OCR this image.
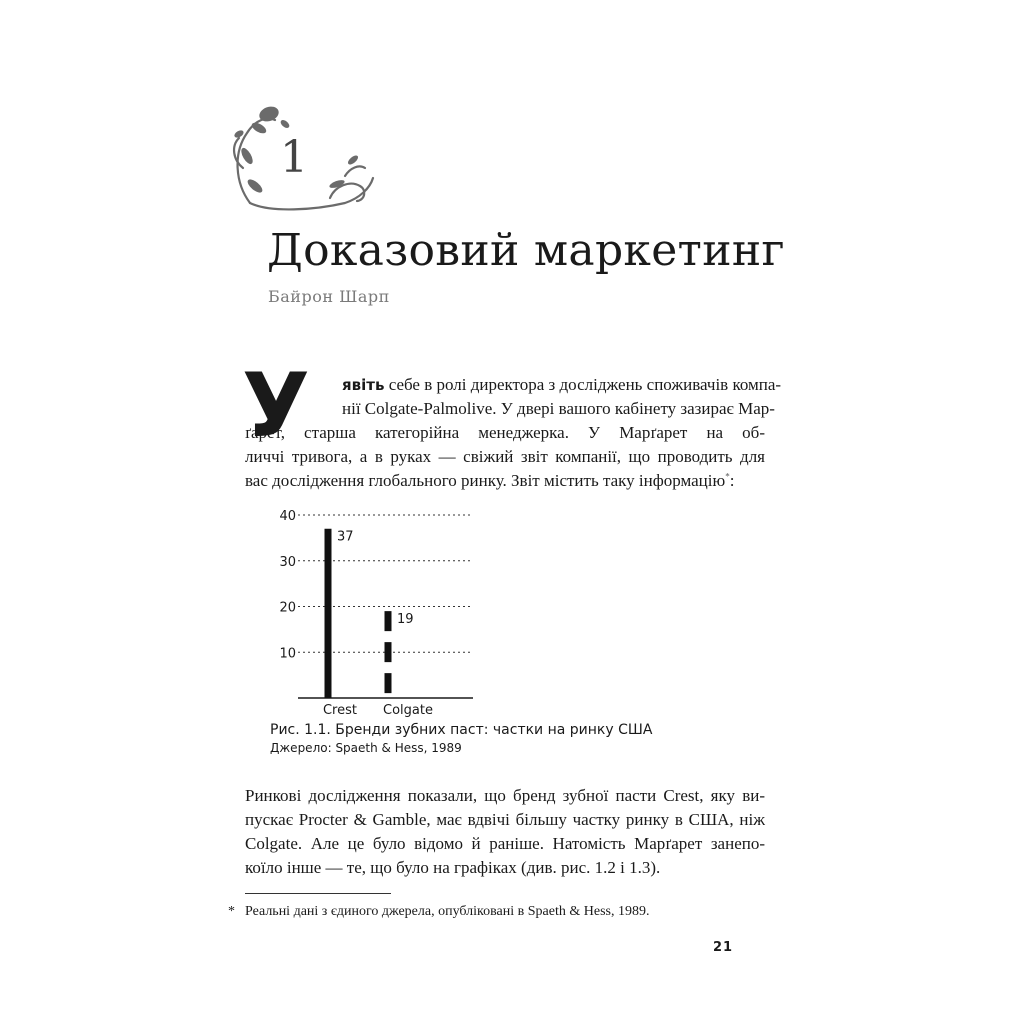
1
Доказовий маркетинг
Байрон Шарп
У	явіть себе в ролі директора з досліджень споживачів компа-
нії Colgate-Palmolive. У двері вашого кабінету зазирає Мар-
ґарет, старша категорійна менеджерка. У Марґарет на об-
личчі тривога, а в руках — свіжий звіт компанії, що проводить для
вас дослідження глобального ринку. Звіт містить таку інформацію*:
10
20
30
40
37
Crest
19
Colgate
Рис. 1.1. Бренди зубних паст: частки на ринку США
Джерело: Spaeth & Hess, 1989
Ринкові дослідження показали, що бренд зубної пасти Crest, яку ви-
пускає Procter & Gamble, має вдвічі більшу частку ринку в США, ніж
Colgate. Але це було відомо й раніше. Натомість Марґарет занепо-
коїло інше — те, що було на графіках (див. рис. 1.2 і 1.3).
* Реальні дані з єдиного джерела, опубліковані в Spaeth & Hess, 1989.
21
